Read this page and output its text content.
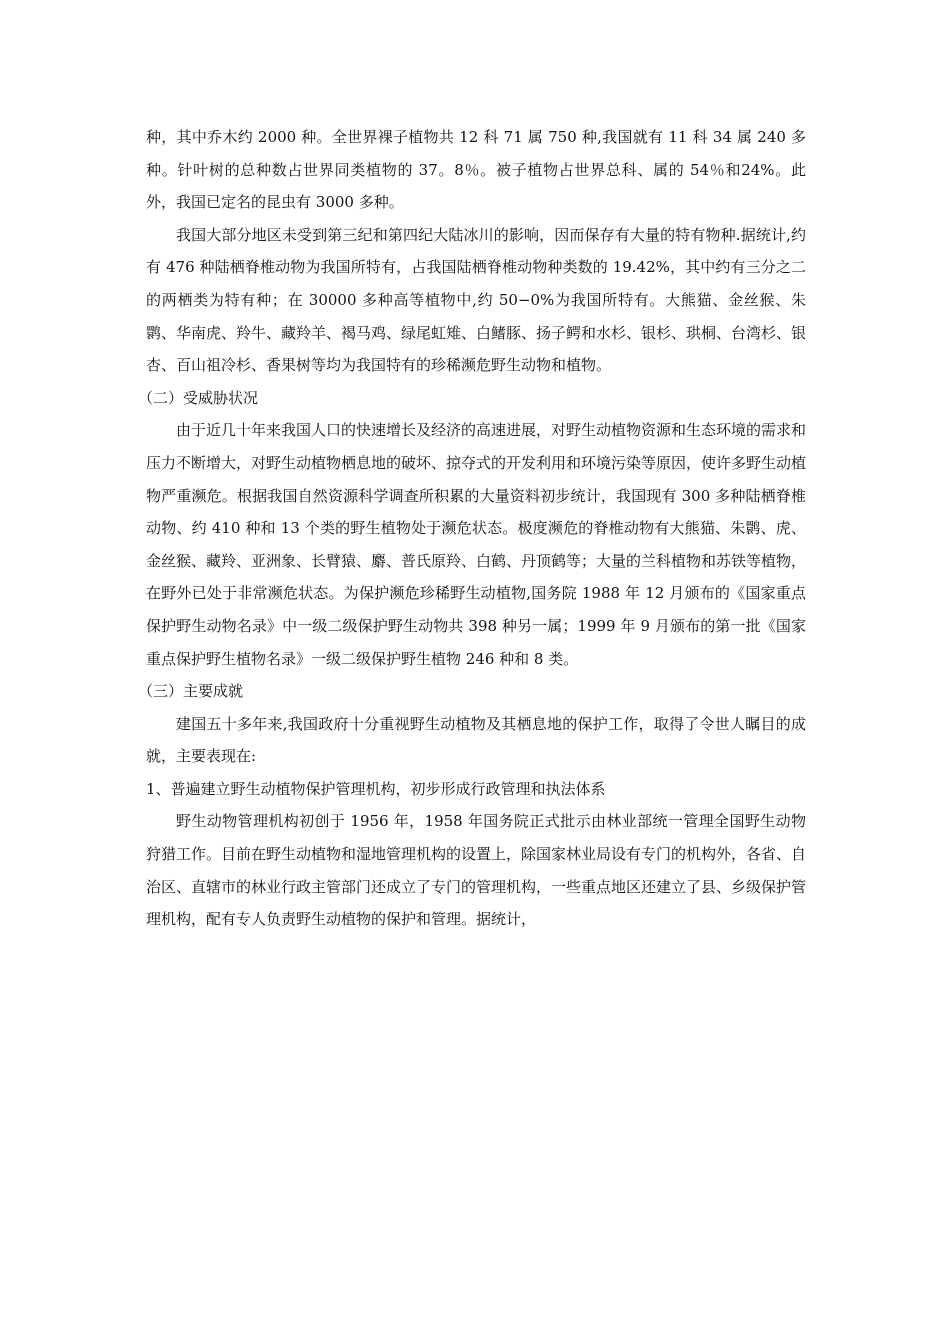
种，其中乔木约 2000 种。全世界裸子植物共 12 科 71 属 750 种,我国就有 11 科 34 属 240 多种。针叶树的总种数占世界同类植物的 37。8％。被子植物占世界总科、属的 54％和24%。此外，我国已定名的昆虫有 3000 多种。

我国大部分地区未受到第三纪和第四纪大陆冰川的影响，因而保存有大量的特有物种.据统计,约有 476 种陆栖脊椎动物为我国所特有，占我国陆栖脊椎动物种类数的 19.42%，其中约有三分之二的两栖类为特有种；在 30000 多种高等植物中,约 50−0%为我国所特有。大熊猫、金丝猴、朱鹮、华南虎、羚牛、藏羚羊、褐马鸡、绿尾虹雉、白鳍豚、扬子鳄和水杉、银杉、珙桐、台湾杉、银杏、百山祖冷杉、香果树等均为我国特有的珍稀濒危野生动物和植物。

（二）受威胁状况

由于近几十年来我国人口的快速增长及经济的高速进展，对野生动植物资源和生态环境的需求和压力不断增大，对野生动植物栖息地的破坏、掠夺式的开发利用和环境污染等原因，使许多野生动植物严重濒危。根据我国自然资源科学调查所积累的大量资料初步统计，我国现有 300 多种陆栖脊椎动物、约 410 种和 13 个类的野生植物处于濒危状态。极度濒危的脊椎动物有大熊猫、朱鹮、虎、金丝猴、藏羚、亚洲象、长臂猿、麝、普氏原羚、白鹤、丹顶鹤等；大量的兰科植物和苏铁等植物，在野外已处于非常濒危状态。为保护濒危珍稀野生动植物,国务院 1988 年 12 月颁布的《国家重点保护野生动物名录》中一级二级保护野生动物共 398 种另一属；1999 年 9 月颁布的第一批《国家重点保护野生植物名录》一级二级保护野生植物 246 种和 8 类。

（三）主要成就

建国五十多年来,我国政府十分重视野生动植物及其栖息地的保护工作，取得了令世人瞩目的成就，主要表现在:

1、普遍建立野生动植物保护管理机构，初步形成行政管理和执法体系

野生动物管理机构初创于 1956 年，1958 年国务院正式批示由林业部统一管理全国野生动物狩猎工作。目前在野生动植物和湿地管理机构的设置上，除国家林业局设有专门的机构外，各省、自治区、直辖市的林业行政主管部门还成立了专门的管理机构，一些重点地区还建立了县、乡级保护管理机构，配有专人负责野生动植物的保护和管理。据统计，
